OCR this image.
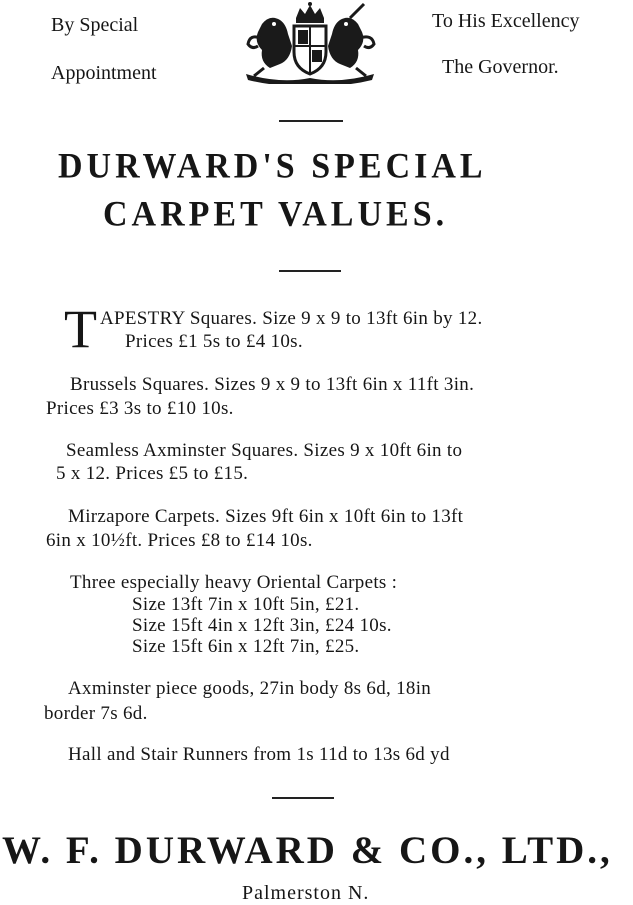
By Special
Appointment
To His Excellency
The Governor.
DURWARD'S SPECIAL
CARPET VALUES.
T APESTRY Squares. Size 9 x 9 to 13ft 6in by 12.
Prices £1 5s to £4 10s.
Brussels Squares. Sizes 9 x 9 to 13ft 6in x 11ft 3in.
Prices £3 3s to £10 10s.
Seamless Axminster Squares. Sizes 9 x 10ft 6in to
5 x 12. Prices £5 to £15.
Mirzapore Carpets. Sizes 9ft 6in x 10ft 6in to 13ft
6in x 10½ft. Prices £8 to £14 10s.
Three especially heavy Oriental Carpets :
Size 13ft 7in x 10ft 5in, £21.
Size 15ft 4in x 12ft 3in, £24 10s.
Size 15ft 6in x 12ft 7in, £25.
Axminster piece goods, 27in body 8s 6d, 18in
border 7s 6d.
Hall and Stair Runners from 1s 11d to 13s 6d yd
W. F. DURWARD & CO., LTD.,
Palmerston N.
